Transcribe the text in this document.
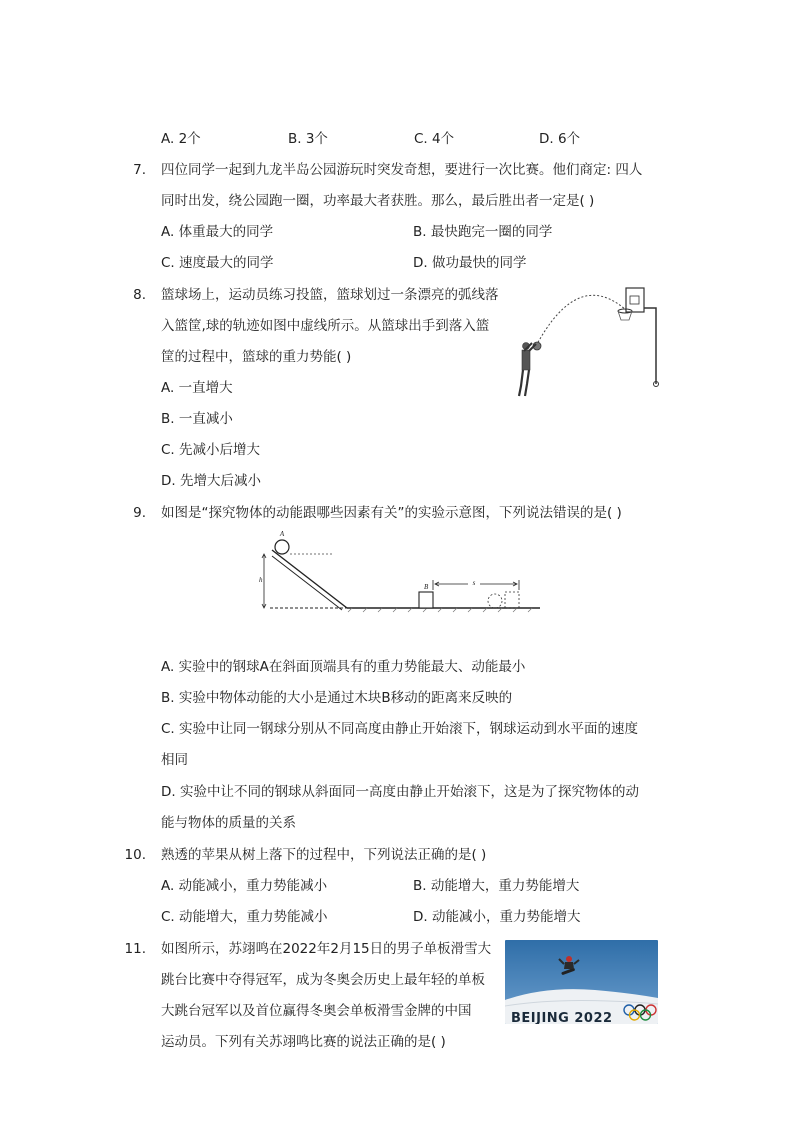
A. 2个	B. 3个	C. 4个	D. 6个
7. 四位同学一起到九龙半岛公园游玩时突发奇想，要进行一次比赛。他们商定: 四人
同时出发，绕公园跑一圈，功率最大者获胜。那么，最后胜出者一定是( )
A. 体重最大的同学	B. 最快跑完一圈的同学
C. 速度最大的同学	D. 做功最快的同学
8. 篮球场上，运动员练习投篮，篮球划过一条漂亮的弧线落
入篮筐,球的轨迹如图中虚线所示。从篮球出手到落入篮
筐的过程中，篮球的重力势能( )
A. 一直增大
B. 一直减小
C. 先减小后增大
D. 先增大后减小
9. 如图是“探究物体的动能跟哪些因素有关”的实验示意图，下列说法错误的是( )
A
h
B	s
A. 实验中的钢球A在斜面顶端具有的重力势能最大、动能最小
B. 实验中物体动能的大小是通过木块B移动的距离来反映的
C. 实验中让同一钢球分别从不同高度由静止开始滚下，钢球运动到水平面的速度
相同
D. 实验中让不同的钢球从斜面同一高度由静止开始滚下，这是为了探究物体的动
能与物体的质量的关系
10. 熟透的苹果从树上落下的过程中，下列说法正确的是( )
A. 动能减小，重力势能减小	B. 动能增大，重力势能增大
C. 动能增大，重力势能减小	D. 动能减小，重力势能增大
11. 如图所示，苏翊鸣在2022年2月15日的男子单板滑雪大
跳台比赛中夺得冠军，成为冬奥会历史上最年轻的单板
大跳台冠军以及首位赢得冬奥会单板滑雪金牌的中国
运动员。下列有关苏翊鸣比赛的说法正确的是( )
BEIJING 2022
